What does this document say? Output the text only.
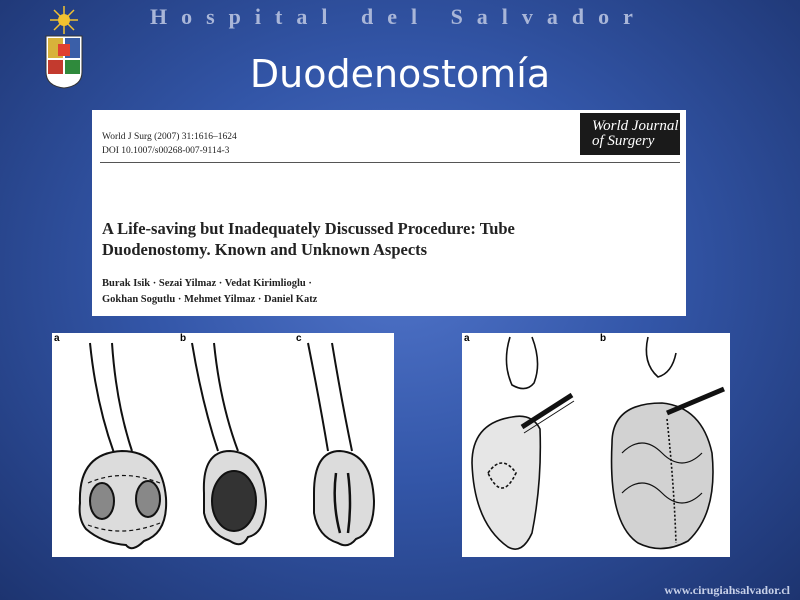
Hospital del Salvador
Duodenostomía
World J Surg (2007) 31:1616–1624
DOI 10.1007/s00268-007-9114-3
World Journal
of Surgery
A Life-saving but Inadequately Discussed Procedure: Tube
Duodenostomy. Known and Unknown Aspects
Burak Isik · Sezai Yilmaz · Vedat Kirimlioglu ·
Gokhan Sogutlu · Mehmet Yilmaz · Daniel Katz
a	b	c	a	b
www.cirugiahsalvador.cl
